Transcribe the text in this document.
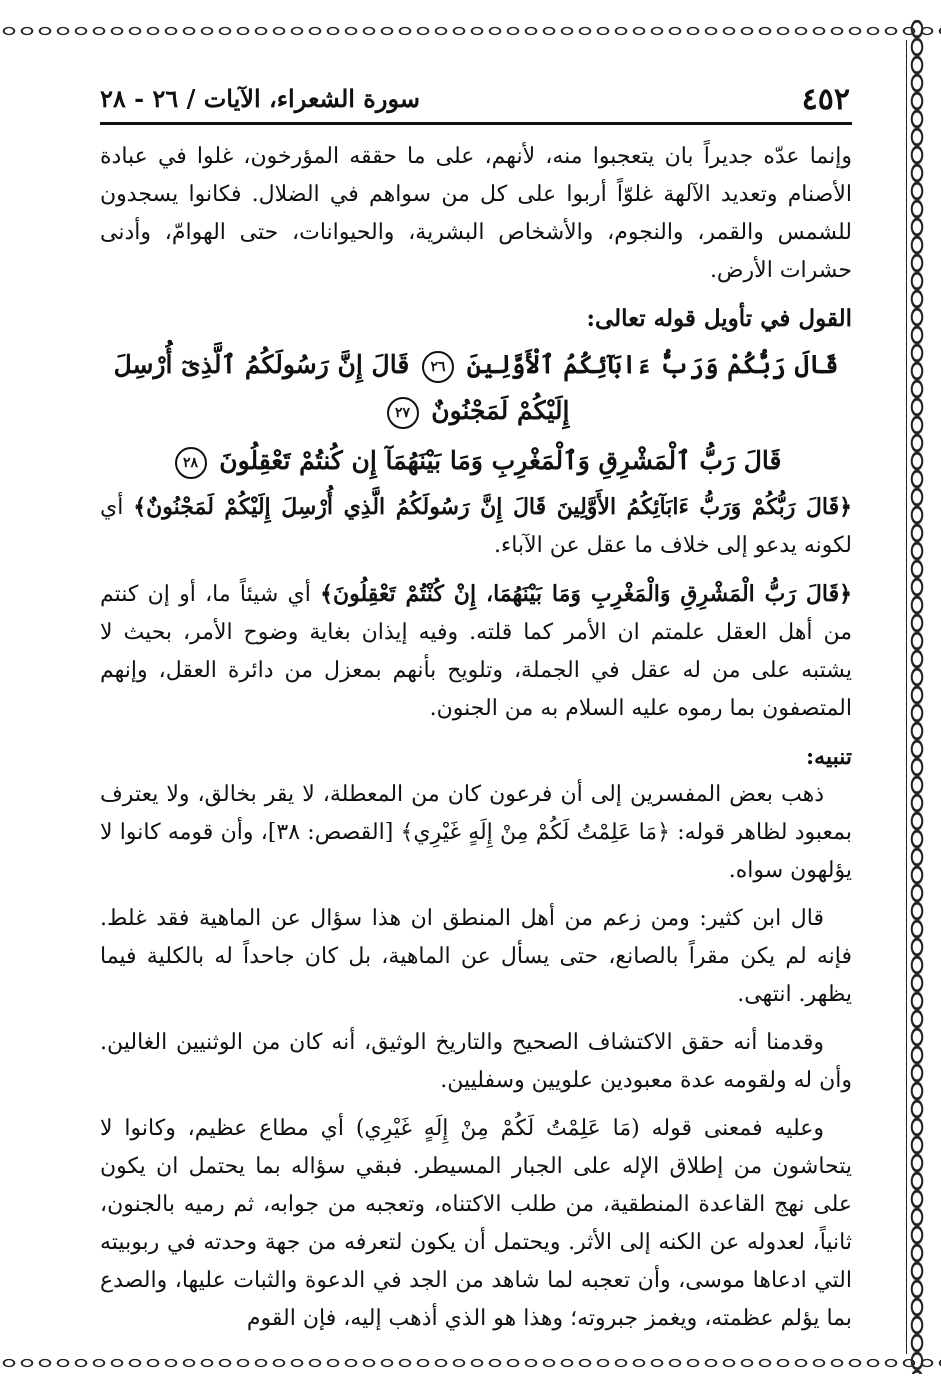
٤٥٢
سورة الشعراء، الآيات / ٢٦ - ٢٨

وإنما عدّه جديراً بان يتعجبوا منه، لأنهم، على ما حققه المؤرخون، غلوا في عبادة الأصنام وتعديد الآلهة غلوّاً أربوا على كل من سواهم في الضلال. فكانوا يسجدون للشمس والقمر، والنجوم، والأشخاص البشرية، والحيوانات، حتى الهوامّ، وأدنى حشرات الأرض.

القول في تأويل قوله تعالى:

قَالَ رَبُّكُمْ وَرَبُّ ءَابَآئِكُمُ ٱلْأَوَّلِينَ ٢٦ قَالَ إِنَّ رَسُولَكُمُ ٱلَّذِىٓ أُرْسِلَ إِلَيْكُمْ لَمَجْنُونٌ ٢٧

قَالَ رَبُّ ٱلْمَشْرِقِ وَٱلْمَغْرِبِ وَمَا بَيْنَهُمَآ إِن كُنتُمْ تَعْقِلُونَ ٢٨

﴿قَالَ رَبُّكُمْ وَرَبُّ ءَابَآئِكُمُ الأَوَّلِينَ قَالَ إِنَّ رَسُولَكُمُ الَّذِي أُرْسِلَ إِلَيْكُمْ لَمَجْنُونٌ﴾ أي لكونه يدعو إلى خلاف ما عقل عن الآباء.

﴿قَالَ رَبُّ الْمَشْرِقِ وَالْمَغْرِبِ وَمَا بَيْنَهُمَا، إِنْ كُنْتُمْ تَعْقِلُونَ﴾ أي شيئاً ما، أو إن كنتم من أهل العقل علمتم ان الأمر كما قلته. وفيه إيذان بغاية وضوح الأمر، بحيث لا يشتبه على من له عقل في الجملة، وتلويح بأنهم بمعزل من دائرة العقل، وإنهم المتصفون بما رموه عليه السلام به من الجنون.

تنبيه:

ذهب بعض المفسرين إلى أن فرعون كان من المعطلة، لا يقر بخالق، ولا يعترف بمعبود لظاهر قوله: ﴿مَا عَلِمْتُ لَكُمْ مِنْ إِلَهٍ غَيْرِي﴾ [القصص: ٣٨]، وأن قومه كانوا لا يؤلهون سواه.

قال ابن كثير: ومن زعم من أهل المنطق ان هذا سؤال عن الماهية فقد غلط. فإنه لم يكن مقراً بالصانع، حتى يسأل عن الماهية، بل كان جاحداً له بالكلية فيما يظهر. انتهى.

وقدمنا أنه حقق الاكتشاف الصحيح والتاريخ الوثيق، أنه كان من الوثنيين الغالين. وأن له ولقومه عدة معبودين علويين وسفليين.

وعليه فمعنى قوله (مَا عَلِمْتُ لَكُمْ مِنْ إِلَهٍ غَيْرِي) أي مطاع عظيم، وكانوا لا يتحاشون من إطلاق الإله على الجبار المسيطر. فبقي سؤاله بما يحتمل ان يكون على نهج القاعدة المنطقية، من طلب الاكتناه، وتعجبه من جوابه، ثم رميه بالجنون، ثانياً، لعدوله عن الكنه إلى الأثر. ويحتمل أن يكون لتعرفه من جهة وحدته في ربوبيته التي ادعاها موسى، وأن تعجبه لما شاهد من الجد في الدعوة والثبات عليها، والصدع بما يؤلم عظمته، ويغمز جبروته؛ وهذا هو الذي أذهب إليه، فإن القوم
